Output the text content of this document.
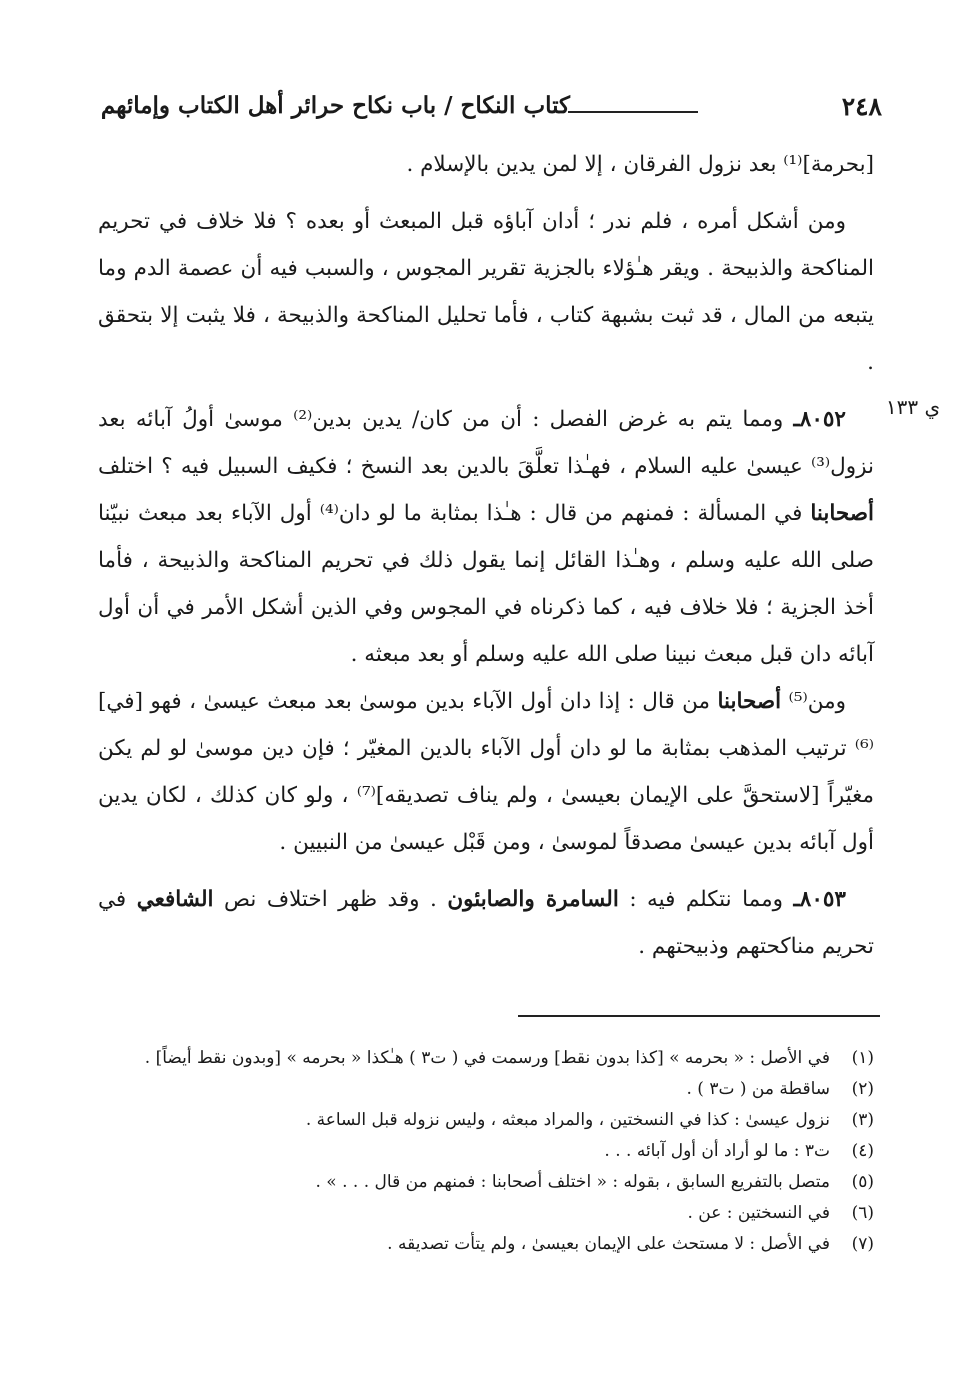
٢٤٨
كتاب النكاح / باب نكاح حرائر أهل الكتاب وإمائهم
ي ١٣٣

[بحرمة]⁽¹⁾ بعد نزول الفرقان ، إلا لمن يدين بالإسلام .

ومن أشكل أمره ، فلم ندر ؛ أدان آباؤه قبل المبعث أو بعده ؟ فلا خلاف في تحريم المناكحة والذبيحة . ويقر هـٰؤلاء بالجزية تقرير المجوس ، والسبب فيه أن عصمة الدم وما يتبعه من المال ، قد ثبت بشبهة كتاب ، فأما تحليل المناكحة والذبيحة ، فلا يثبت إلا بتحقق .

٨٠٥٢ـ ومما يتم به غرض الفصل : أن من كان/ يدين بدين⁽²⁾ موسىٰ أولُ آبائه بعد نزول⁽³⁾ عيسىٰ عليه السلام ، فهـٰذا تعلَّقَ بالدين بعد النسخ ؛ فكيف السبيل فيه ؟ اختلف أصحابنا في المسألة : فمنهم من قال : هـٰذا بمثابة ما لو دان⁽⁴⁾ أول الآباء بعد مبعث نبيّنا صلى الله عليه وسلم ، وهـٰذا القائل إنما يقول ذلك في تحريم المناكحة والذبيحة ، فأما أخذ الجزية ؛ فلا خلاف فيه ، كما ذكرناه في المجوس وفي الذين أشكل الأمر في أن أول آبائه دان قبل مبعث نبينا صلى الله عليه وسلم أو بعد مبعثه .

ومن⁽⁵⁾ أصحابنا من قال : إذا دان أول الآباء بدين موسىٰ بعد مبعث عيسىٰ ، فهو [في]⁽⁶⁾ ترتيب المذهب بمثابة ما لو دان أول الآباء بالدين المغيّر ؛ فإن دين موسىٰ لو لم يكن مغيّراً [لاستحقَّ على الإيمان بعيسىٰ ، ولم يناف تصديقه]⁽⁷⁾ ، ولو كان كذلك ، لكان يدين أول آبائه بدين عيسىٰ مصدقاً لموسىٰ ، ومن قَبْل عيسىٰ من النبيين .

٨٠٥٣ـ ومما نتكلم فيه : السامرة والصابئون . وقد ظهر اختلاف نص الشافعي في تحريم مناكحتهم وذبيحتهم .

(١)
في الأصل : « بحرمه » [كذا بدون نقط] ورسمت في ( ت٣ ) هـٰكذا « بحرمه » [وبدون نقط أيضاً] .
(٢)
ساقطة من ( ت٣ ) .
(٣)
نزول عيسىٰ : كذا في النسختين ، والمراد مبعثه ، وليس نزوله قبل الساعة .
(٤)
ت٣ : ما لو أراد أن أول آبائه . . .
(٥)
متصل بالتفريع السابق ، بقوله : « اختلف أصحابنا : فمنهم من قال . . . » .
(٦)
في النسختين : عن .
(٧)
في الأصل : لا مستحث على الإيمان بعيسىٰ ، ولم يتأت تصديقه .
